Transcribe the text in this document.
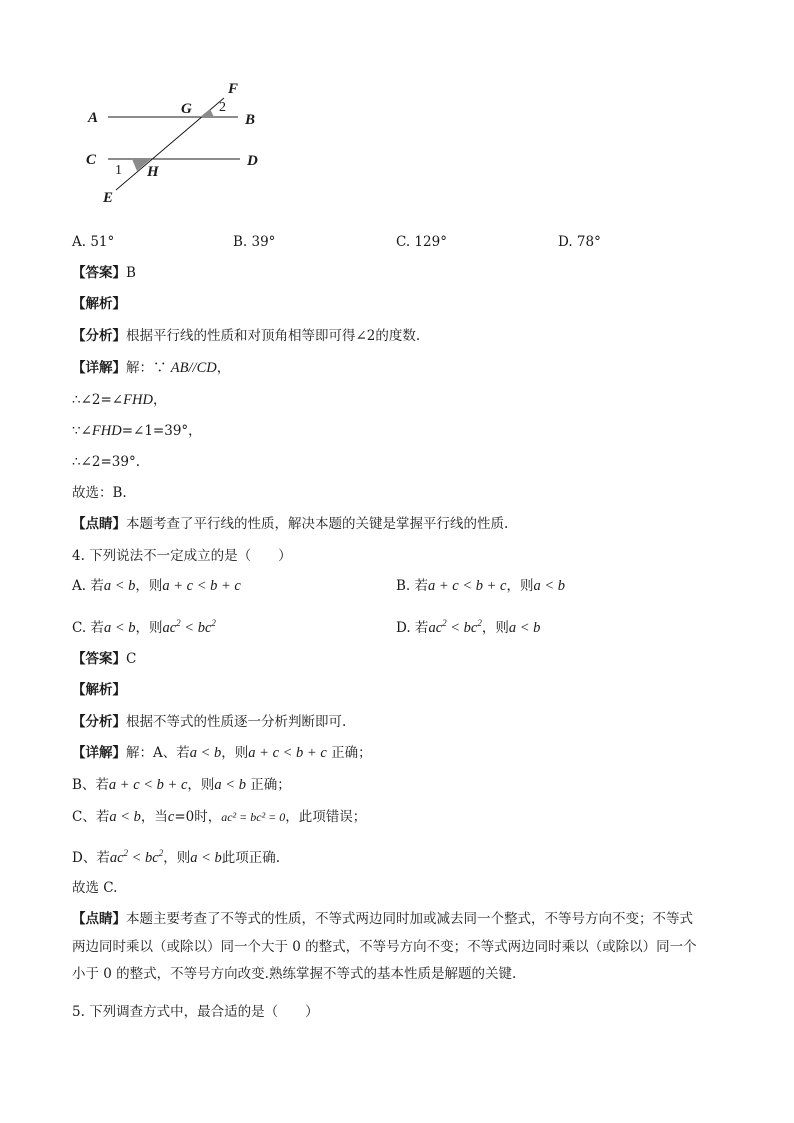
A	B
C	D
E
F
G
H
2
1
A. 51°	B. 39°	C. 129°	D. 78°
【答案】B
【解析】
【分析】根据平行线的性质和对顶角相等即可得∠2的度数.
【详解】解：∵ AB//CD，
∴∠2=∠FHD，
∵∠FHD=∠1=39°，
∴∠2=39°.
故选：B.
【点睛】本题考查了平行线的性质，解决本题的关键是掌握平行线的性质.
4. 下列说法不一定成立的是（　　）
A. 若a < b，则a + c < b + c	B. 若a + c < b + c，则a < b
C. 若a < b，则$ac^2 < bc^2$	D. 若$ac^2 < bc^2$，则a < b
【答案】C
【解析】
【分析】根据不等式的性质逐一分析判断即可.
【详解】解：A、若a < b，则a + c < b + c 正确；
B、若a + c < b + c，则a < b 正确；
C、若a < b，当c=0时，ac² = bc² = 0，此项错误；
D、若$ac^2 < bc^2$，则a < b此项正确.
故选 C.

【点睛】本题主要考查了不等式的性质，不等式两边同时加或减去同一个整式，不等号方向不变；不等式

两边同时乘以（或除以）同一个大于 0 的整式，不等号方向不变；不等式两边同时乘以（或除以）同一个

小于 0 的整式，不等号方向改变.熟练掌握不等式的基本性质是解题的关键.

5. 下列调查方式中，最合适的是（　　）
